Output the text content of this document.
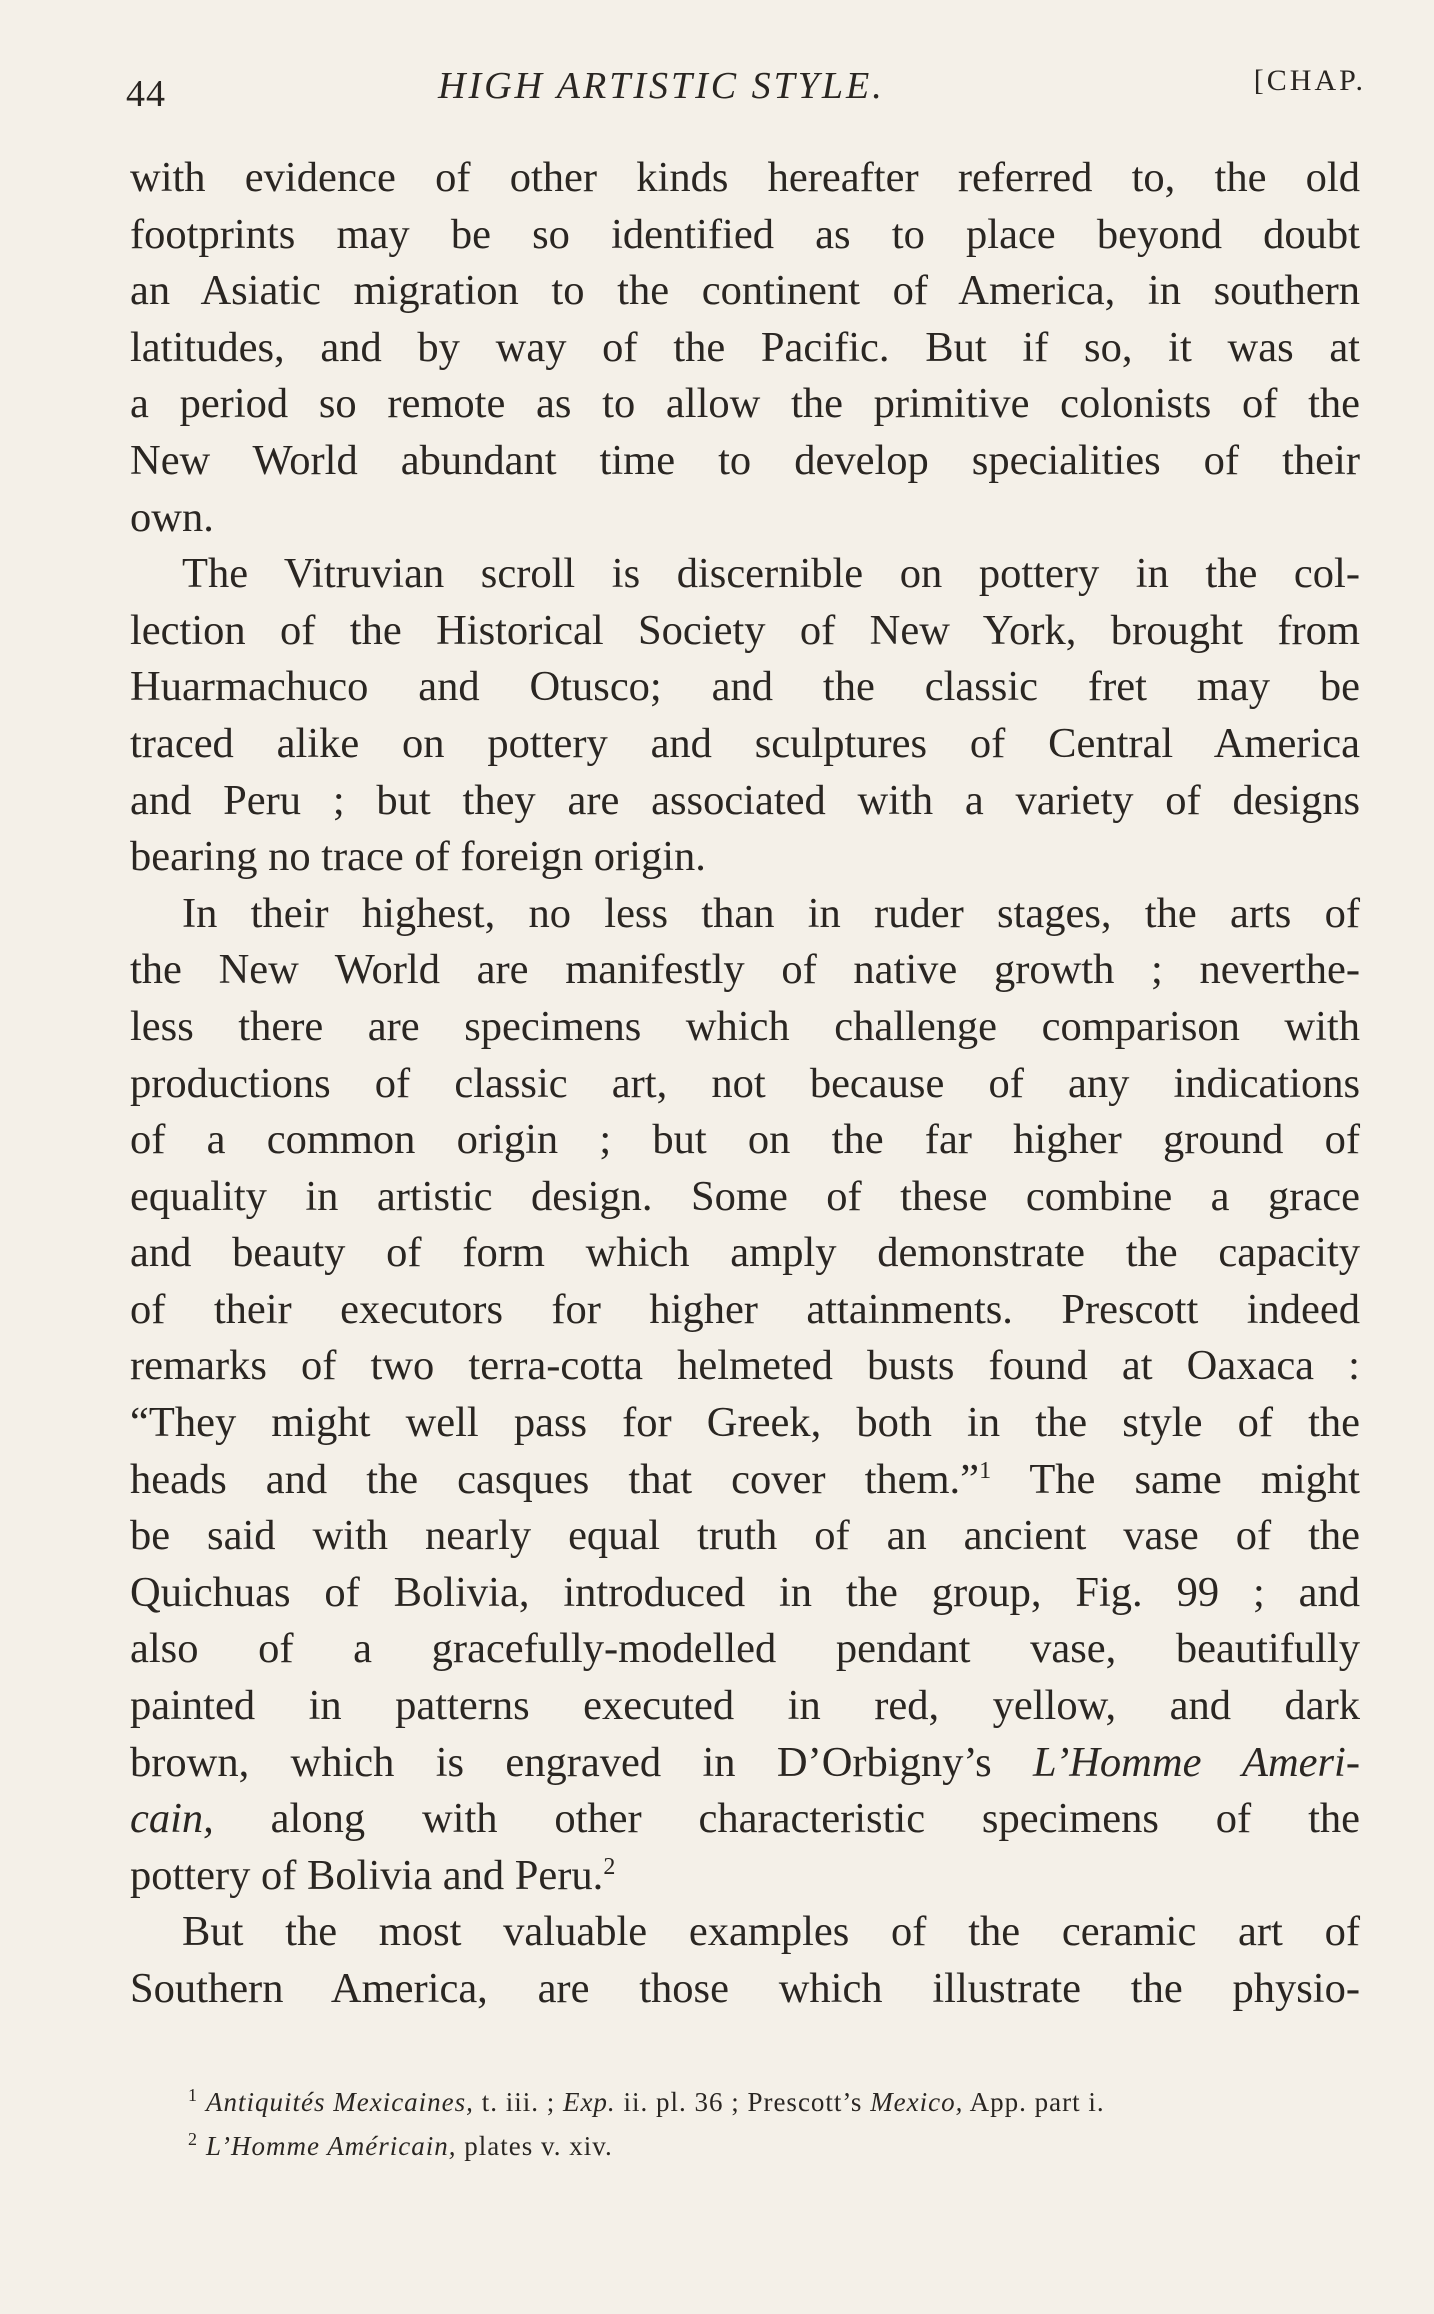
44	HIGH ARTISTIC STYLE.	[CHAP.
with evidence of other kinds hereafter referred to, the old
footprints may be so identified as to place beyond doubt
an Asiatic migration to the continent of America, in southern
latitudes, and by way of the Pacific. But if so, it was at
a period so remote as to allow the primitive colonists of the
New World abundant time to develop specialities of their
own.
The Vitruvian scroll is discernible on pottery in the col-
lection of the Historical Society of New York, brought from
Huarmachuco and Otusco; and the classic fret may be
traced alike on pottery and sculptures of Central America
and Peru ; but they are associated with a variety of designs
bearing no trace of foreign origin.
In their highest, no less than in ruder stages, the arts of
the New World are manifestly of native growth ; neverthe-
less there are specimens which challenge comparison with
productions of classic art, not because of any indications
of a common origin ; but on the far higher ground of
equality in artistic design. Some of these combine a grace
and beauty of form which amply demonstrate the capacity
of their executors for higher attainments. Prescott indeed
remarks of two terra-cotta helmeted busts found at Oaxaca :
“They might well pass for Greek, both in the style of the
heads and the casques that cover them.”$^1$ The same might
be said with nearly equal truth of an ancient vase of the
Quichuas of Bolivia, introduced in the group, Fig. 99 ; and
also of a gracefully-modelled pendant vase, beautifully
painted in patterns executed in red, yellow, and dark
brown, which is engraved in D’Orbigny’s L’Homme Ameri-
cain, along with other characteristic specimens of the
pottery of Bolivia and Peru.$^2$
But the most valuable examples of the ceramic art of
Southern America, are those which illustrate the physio-
$^1$ Antiquités Mexicaines, t. iii. ; Exp. ii. pl. 36 ; Prescott’s Mexico, App. part i.
$^2$ L’Homme Américain, plates v. xiv.
